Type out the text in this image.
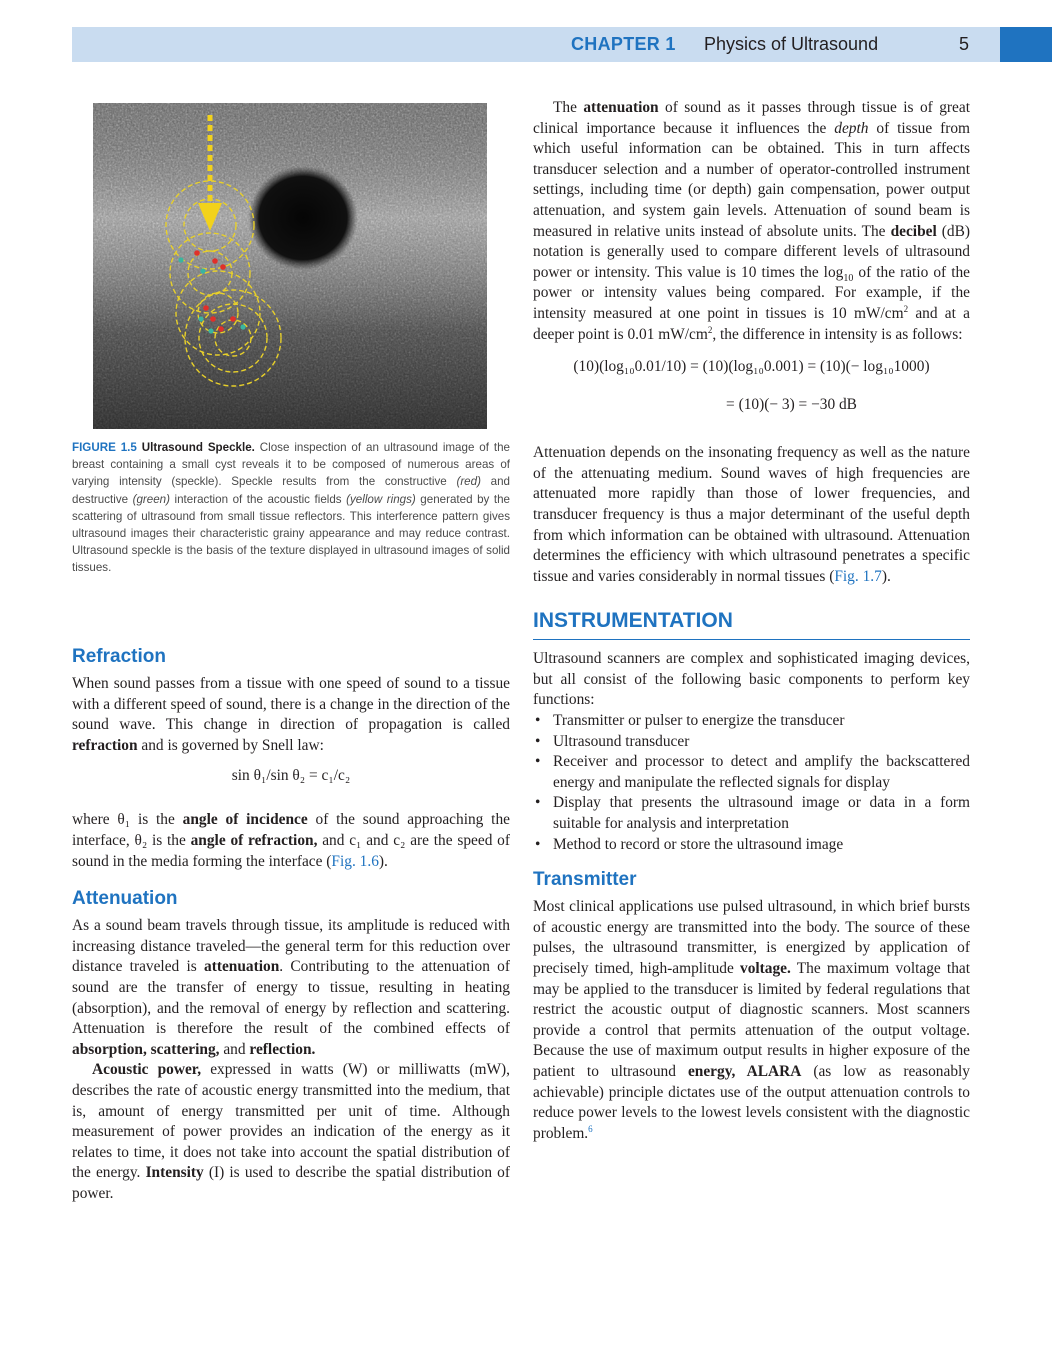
CHAPTER 1 Physics of Ultrasound	5
FIGURE 1.5 Ultrasound Speckle. Close inspection of an ultrasound image of the breast containing a small cyst reveals it to be composed of numerous areas of varying intensity (speckle). Speckle results from the constructive (red) and destructive (green) interaction of the acoustic fields (yellow rings) generated by the scattering of ultrasound from small tissue reflectors. This interference pattern gives ultrasound images their characteristic grainy appearance and may reduce contrast. Ultrasound speckle is the basis of the texture displayed in ultrasound images of solid tissues.
Refraction

When sound passes from a tissue with one speed of sound to a tissue with a different speed of sound, there is a change in the direction of the sound wave. This change in direction of propagation is called refraction and is governed by Snell law:

sin θ₁/sin θ₂ = c₁/c₂

where θ₁ is the angle of incidence of the sound approaching the interface, θ₂ is the angle of refraction, and c₁ and c₂ are the speed of sound in the media forming the interface (Fig. 1.6).

Attenuation

As a sound beam travels through tissue, its amplitude is reduced with increasing distance traveled—the general term for this reduction over distance traveled is attenuation. Contributing to the attenuation of sound are the transfer of energy to tissue, resulting in heating (absorption), and the removal of energy by reflection and scattering. Attenuation is therefore the result of the combined effects of absorption, scattering, and reflection.

Acoustic power, expressed in watts (W) or milliwatts (mW), describes the rate of acoustic energy transmitted into the medium, that is, amount of energy transmitted per unit of time. Although measurement of power provides an indication of the energy as it relates to time, it does not take into account the spatial distribution of the energy. Intensity (I) is used to describe the spatial distribution of power.

The attenuation of sound as it passes through tissue is of great clinical importance because it influences the depth of tissue from which useful information can be obtained. This in turn affects transducer selection and a number of operator-controlled instrument settings, including time (or depth) gain compensation, power output attenuation, and system gain levels. Attenuation of sound beam is measured in relative units instead of absolute units. The decibel (dB) notation is generally used to compare different levels of ultrasound power or intensity. This value is 10 times the $\log_{10}$ of the ratio of the power or intensity values being compared. For example, if the intensity measured at one point in tissues is 10 $mW/cm^2$ and at a deeper point is 0.01 $mW/cm^2$, the difference in intensity is as follows:

(10)(log₁₀0.01/10) = (10)(log₁₀0.001) = (10)(− log₁₀1000)
= (10)(− 3) = −30 dB

Attenuation depends on the insonating frequency as well as the nature of the attenuating medium. Sound waves of high frequencies are attenuated more rapidly than those of lower frequencies, and transducer frequency is thus a major determinant of the useful depth from which information can be obtained with ultrasound. Attenuation determines the efficiency with which ultrasound penetrates a specific tissue and varies considerably in normal tissues (Fig. 1.7).

INSTRUMENTATION

Ultrasound scanners are complex and sophisticated imaging devices, but all consist of the following basic components to perform key functions:

• Transmitter or pulser to energize the transducer
• Ultrasound transducer
• Receiver and processor to detect and amplify the backscattered energy and manipulate the reflected signals for display
• Display that presents the ultrasound image or data in a form suitable for analysis and interpretation
• Method to record or store the ultrasound image
Transmitter

Most clinical applications use pulsed ultrasound, in which brief bursts of acoustic energy are transmitted into the body. The source of these pulses, the ultrasound transmitter, is energized by application of precisely timed, high-amplitude voltage. The maximum voltage that may be applied to the transducer is limited by federal regulations that restrict the acoustic output of diagnostic scanners. Most scanners provide a control that permits attenuation of the output voltage. Because the use of maximum output results in higher exposure of the patient to ultrasound energy, ALARA (as low as reasonably achievable) principle dictates use of the output attenuation controls to reduce power levels to the lowest levels consistent with the diagnostic problem.$^6$
